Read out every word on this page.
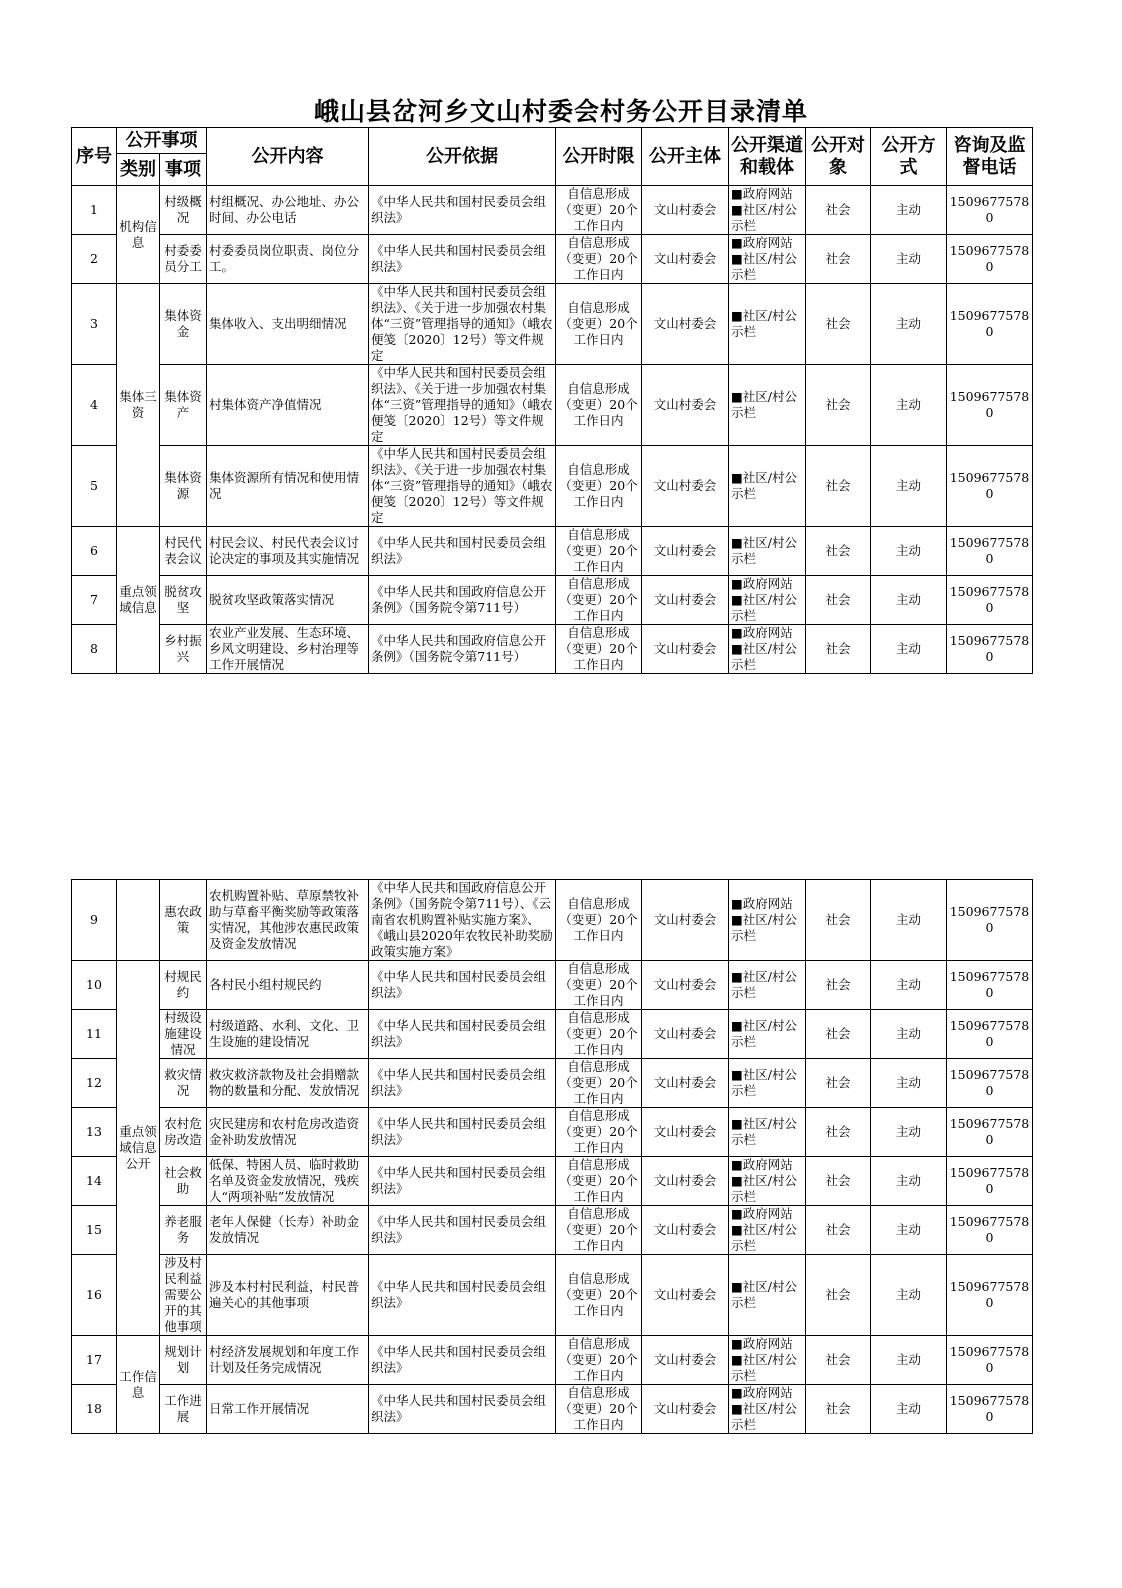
峨山县岔河乡文山村委会村务公开目录清单
序号	公开事项		公开内容	公开依据	公开时限	公开主体	公开渠道和载体	公开对象	公开方式	咨询及监督电话
	类别	事项								
1	机构信息	村级概况	村组概况、办公地址、办公时间、办公电话	《中华人民共和国村民委员会组织法》	自信息形成（变更）20个工作日内	文山村委会	■政府网站 ■社区/村公示栏	社会	主动	15096775780
2		村委委员分工	村委委员岗位职责、岗位分工。	《中华人民共和国村民委员会组织法》	自信息形成（变更）20个工作日内	文山村委会	■政府网站 ■社区/村公示栏	社会	主动	15096775780
3	集体三资	集体资金	集体收入、支出明细情况	《中华人民共和国村民委员会组织法》、《关于进一步加强农村集体“三资”管理指导的通知》（峨农便笺〔2020〕12号）等文件规定	自信息形成（变更）20个工作日内	文山村委会	■社区/村公示栏	社会	主动	15096775780
4		集体资产	村集体资产净值情况	《中华人民共和国村民委员会组织法》、《关于进一步加强农村集体“三资”管理指导的通知》（峨农便笺〔2020〕12号）等文件规定	自信息形成（变更）20个工作日内	文山村委会	■社区/村公示栏	社会	主动	15096775780
5		集体资源	集体资源所有情况和使用情况	《中华人民共和国村民委员会组织法》、《关于进一步加强农村集体“三资”管理指导的通知》（峨农便笺〔2020〕12号）等文件规定	自信息形成（变更）20个工作日内	文山村委会	■社区/村公示栏	社会	主动	15096775780
6	重点领域信息	村民代表会议	村民会议、村民代表会议讨论决定的事项及其实施情况	《中华人民共和国村民委员会组织法》	自信息形成（变更）20个工作日内	文山村委会	■社区/村公示栏	社会	主动	15096775780
7		脱贫攻坚	脱贫攻坚政策落实情况	《中华人民共和国政府信息公开条例》（国务院令第711号）	自信息形成（变更）20个工作日内	文山村委会	■政府网站 ■社区/村公示栏	社会	主动	15096775780
8		乡村振兴	农业产业发展、生态环境、乡风文明建设、乡村治理等工作开展情况	《中华人民共和国政府信息公开条例》（国务院令第711号）	自信息形成（变更）20个工作日内	文山村委会	■政府网站 ■社区/村公示栏	社会	主动	15096775780
9		惠农政策	农机购置补贴、草原禁牧补助与草畜平衡奖励等政策落实情况，其他涉农惠民政策及资金发放情况	《中华人民共和国政府信息公开条例》（国务院令第711号）、《云南省农机购置补贴实施方案》、《峨山县2020年农牧民补助奖励政策实施方案》	自信息形成（变更）20个工作日内	文山村委会	■政府网站 ■社区/村公示栏	社会	主动	15096775780
10	重点领域信息公开	村规民约	各村民小组村规民约	《中华人民共和国村民委员会组织法》	自信息形成（变更）20个工作日内	文山村委会	■社区/村公示栏	社会	主动	15096775780
11		村级设施建设情况	村级道路、水利、文化、卫生设施的建设情况	《中华人民共和国村民委员会组织法》	自信息形成（变更）20个工作日内	文山村委会	■社区/村公示栏	社会	主动	15096775780
12		救灾情况	救灾救济款物及社会捐赠款物的数量和分配、发放情况	《中华人民共和国村民委员会组织法》	自信息形成（变更）20个工作日内	文山村委会	■社区/村公示栏	社会	主动	15096775780
13		农村危房改造	灾民建房和农村危房改造资金补助发放情况	《中华人民共和国村民委员会组织法》	自信息形成（变更）20个工作日内	文山村委会	■社区/村公示栏	社会	主动	15096775780
14		社会救助	低保、特困人员、临时救助名单及资金发放情况，残疾人“两项补贴”发放情况	《中华人民共和国村民委员会组织法》	自信息形成（变更）20个工作日内	文山村委会	■政府网站 ■社区/村公示栏	社会	主动	15096775780
15		养老服务	老年人保健（长寿）补助金发放情况	《中华人民共和国村民委员会组织法》	自信息形成（变更）20个工作日内	文山村委会	■政府网站 ■社区/村公示栏	社会	主动	15096775780
16		涉及村民利益需要公开的其他事项	涉及本村村民利益，村民普遍关心的其他事项	《中华人民共和国村民委员会组织法》	自信息形成（变更）20个工作日内	文山村委会	■社区/村公示栏	社会	主动	15096775780
17	工作信息	规划计划	村经济发展规划和年度工作计划及任务完成情况	《中华人民共和国村民委员会组织法》	自信息形成（变更）20个工作日内	文山村委会	■政府网站 ■社区/村公示栏	社会	主动	15096775780
18		工作进展	日常工作开展情况	《中华人民共和国村民委员会组织法》	自信息形成（变更）20个工作日内	文山村委会	■政府网站 ■社区/村公示栏	社会	主动	15096775780
